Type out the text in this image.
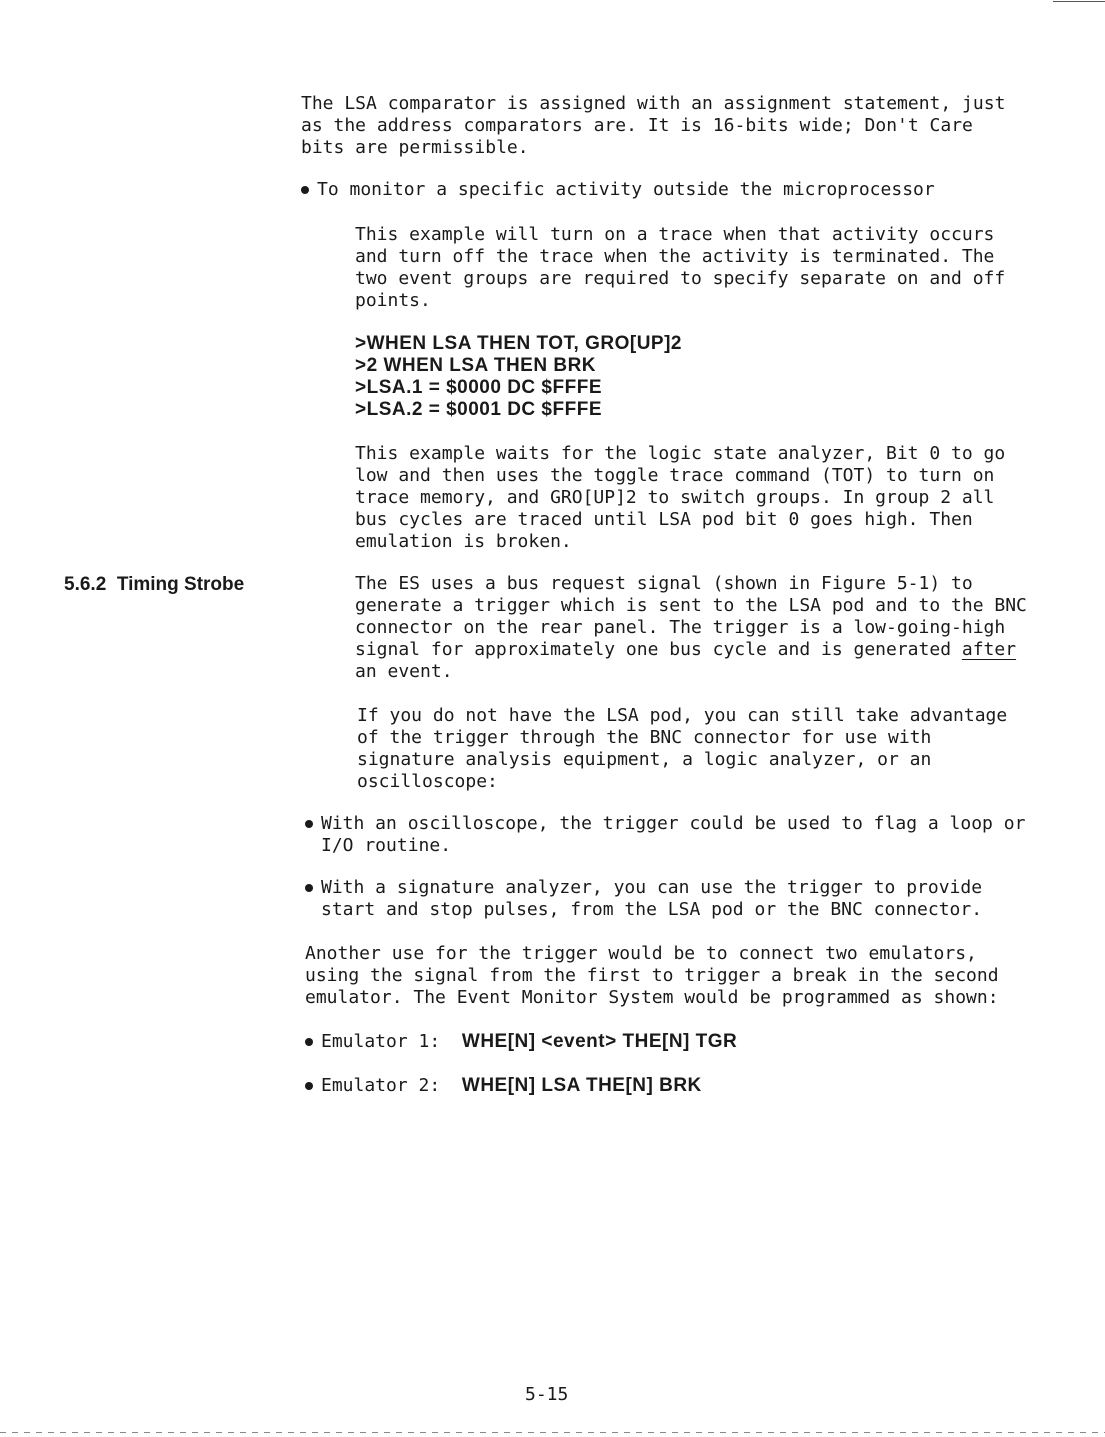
The LSA comparator is assigned with an assignment statement, just
as the address comparators are. It is 16-bits wide; Don't Care
bits are permissible.
To monitor a specific activity outside the microprocessor
This example will turn on a trace when that activity occurs
and turn off the trace when the activity is terminated. The
two event groups are required to specify separate on and off
points.
>WHEN LSA THEN TOT, GRO[UP]2
>2 WHEN LSA THEN BRK
>LSA.1 = $0000 DC $FFFE
>LSA.2 = $0001 DC $FFFE
This example waits for the logic state analyzer, Bit 0 to go
low and then uses the toggle trace command (TOT) to turn on
trace memory, and GRO[UP]2 to switch groups. In group 2 all
bus cycles are traced until LSA pod bit 0 goes high. Then
emulation is broken.
5.6.2 Timing Strobe	The ES uses a bus request signal (shown in Figure 5-1) to
generate a trigger which is sent to the LSA pod and to the BNC
connector on the rear panel. The trigger is a low-going-high
signal for approximately one bus cycle and is generated after
an event.
If you do not have the LSA pod, you can still take advantage
of the trigger through the BNC connector for use with
signature analysis equipment, a logic analyzer, or an
oscilloscope:
With an oscilloscope, the trigger could be used to flag a loop or
I/O routine.
With a signature analyzer, you can use the trigger to provide
start and stop pulses, from the LSA pod or the BNC connector.
Another use for the trigger would be to connect two emulators,
using the signal from the first to trigger a break in the second
emulator. The Event Monitor System would be programmed as shown:
Emulator 1: WHE[N] <event> THE[N] TGR
Emulator 2: WHE[N] LSA THE[N] BRK
5-15
